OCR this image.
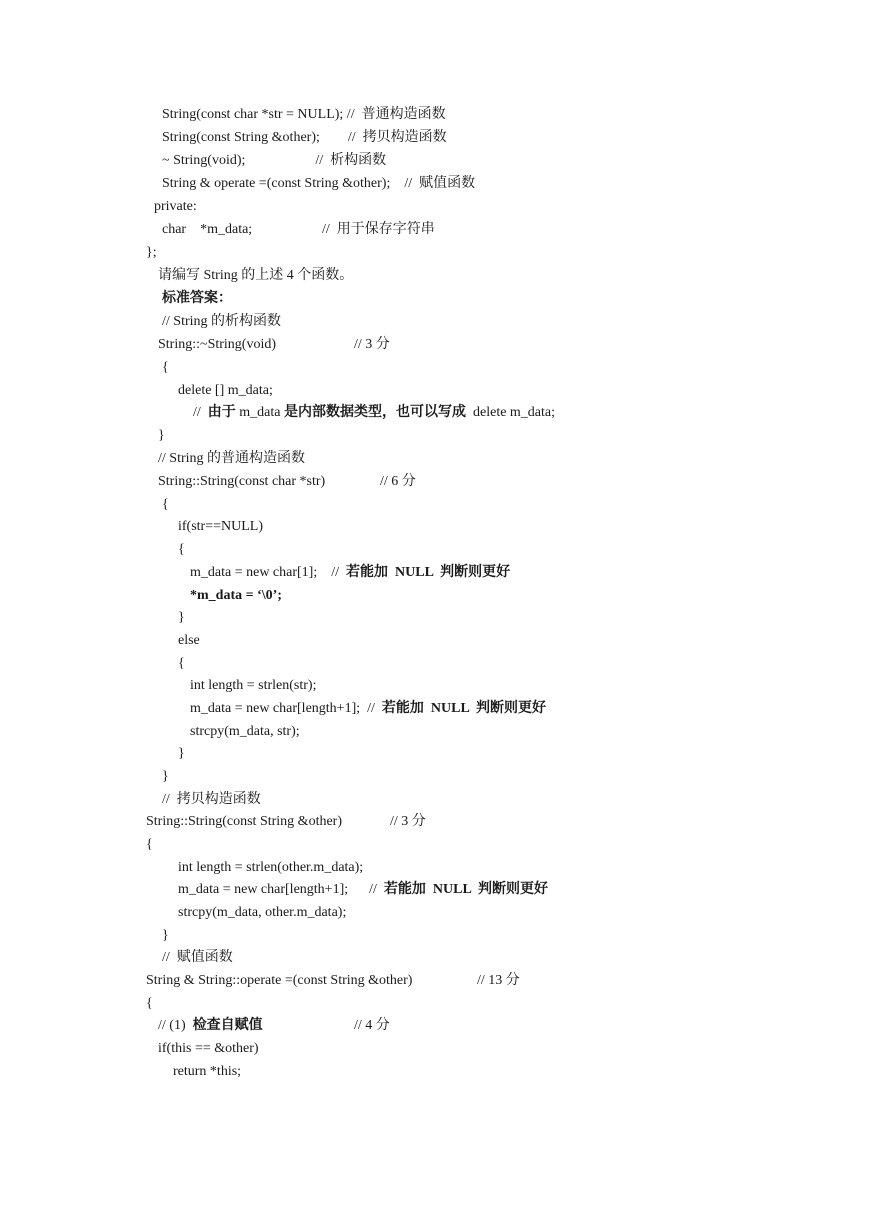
String(const char *str = NULL); //  普通构造函数
String(const String &other);        //  拷贝构造函数
~ String(void);                    //  析构函数
String & operate =(const String &other);    //  赋值函数
private:
char    *m_data;	//  用于保存字符串
};
请编写 String 的上述 4 个函数。
标准答案：
// String 的析构函数
String::~String(void)	// 3 分
{
delete [] m_data;
//  由于 m_data 是内部数据类型，也可以写成  delete m_data;
}
// String 的普通构造函数
String::String(const char *str)	// 6 分
{
if(str==NULL)
{
m_data = new char[1];    //  若能加  NULL  判断则更好
*m_data = ‘\0’;
}
else
{
int length = strlen(str);
m_data = new char[length+1];  //  若能加  NULL  判断则更好
strcpy(m_data, str);
}
}
//  拷贝构造函数
String::String(const String &other)	// 3 分
{
int length = strlen(other.m_data);
m_data = new char[length+1];      //  若能加  NULL  判断则更好
strcpy(m_data, other.m_data);
}
//  赋值函数
String & String::operate =(const String &other)	// 13 分
{
// (1)  检查自赋值	// 4 分
if(this == &other)
return *this;
